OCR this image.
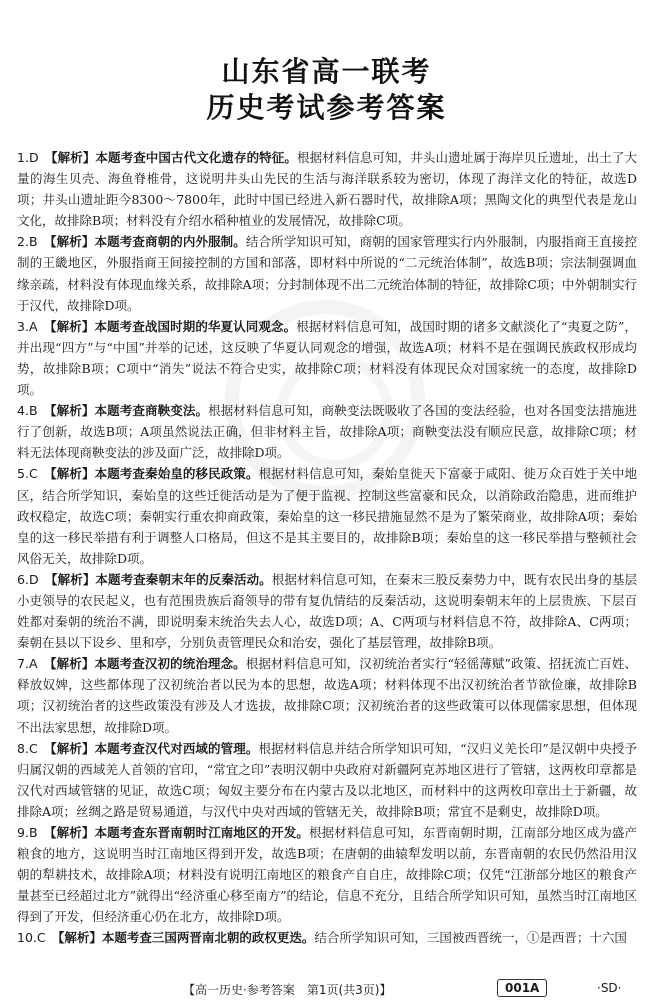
山东省高一联考
历史考试参考答案

1.D　 【解析】本题考查中国古代文化遗存的特征。根据材料信息可知，井头山遗址属于海岸贝丘遗址，出土了大量的海生贝壳、海鱼脊椎骨，这说明井头山先民的生活与海洋联系较为密切，体现了海洋文化的特征，故选D项；井头山遗址距今8300～7800年，此时中国已经进入新石器时代，故排除A项；黑陶文化的典型代表是龙山文化，故排除B项；材料没有介绍水稻种植业的发展情况，故排除C项。

2.B　 【解析】本题考查商朝的内外服制。结合所学知识可知，商朝的国家管理实行内外服制，内服指商王直接控制的王畿地区，外服指商王间接控制的方国和部落，即材料中所说的“二元统治体制”，故选B项；宗法制强调血缘亲疏，材料没有体现血缘关系，故排除A项；分封制体现不出二元统治体制的特征，故排除C项；中外朝制实行于汉代，故排除D项。

3.A　 【解析】本题考查战国时期的华夏认同观念。根据材料信息可知，战国时期的诸多文献淡化了“夷夏之防”，并出现“四方”与“中国”并举的记述，这反映了华夏认同观念的增强，故选A项；材料不是在强调民族政权形成均势，故排除B项；C项中“消失”说法不符合史实，故排除C项；材料没有体现民众对国家统一的态度，故排除D项。

4.B　 【解析】本题考查商鞅变法。根据材料信息可知，商鞅变法既吸收了各国的变法经验，也对各国变法措施进行了创新，故选B项；A项虽然说法正确，但非材料主旨，故排除A项；商鞅变法没有顺应民意，故排除C项；材料无法体现商鞅变法的涉及面广泛，故排除D项。

5.C　 【解析】本题考查秦始皇的移民政策。根据材料信息可知，秦始皇徙天下富豪于咸阳、徙万众百姓于关中地区，结合所学知识，秦始皇的这些迁徙活动是为了便于监视、控制这些富豪和民众，以消除政治隐患，进而维护政权稳定，故选C项；秦朝实行重农抑商政策，秦始皇的这一移民措施显然不是为了繁荣商业，故排除A项；秦始皇的这一移民举措有利于调整人口格局，但这不是其主要目的，故排除B项；秦始皇的这一移民举措与整顿社会风俗无关，故排除D项。

6.D　 【解析】本题考查秦朝末年的反秦活动。根据材料信息可知，在秦末三股反秦势力中，既有农民出身的基层小吏领导的农民起义，也有范围贵族后裔领导的带有复仇情结的反秦活动，这说明秦朝末年的上层贵族、下层百姓都对秦朝的统治不满，即说明秦末统治失去人心，故选D项；A、C两项与材料信息不符，故排除A、C两项；秦朝在县以下设乡、里和亭，分别负责管理民众和治安，强化了基层管理，故排除B项。

7.A　 【解析】本题考查汉初的统治理念。根据材料信息可知，汉初统治者实行“轻徭薄赋”政策、招抚流亡百姓、释放奴婢，这些都体现了汉初统治者以民为本的思想，故选A项；材料体现不出汉初统治者节欲俭廉，故排除B项；汉初统治者的这些政策没有涉及人才选拔，故排除C项；汉初统治者的这些政策可以体现儒家思想，但体现不出法家思想，故排除D项。

8.C　 【解析】本题考查汉代对西域的管理。根据材料信息并结合所学知识可知，“汉归义羌长印”是汉朝中央授予归属汉朝的西域羌人首领的官印，“常宜之印”表明汉朝中央政府对新疆阿克苏地区进行了管辖，这两枚印章都是汉代对西域管辖的见证，故选C项；匈奴主要分布在内蒙古及以北地区，而材料中的这两枚印章出土于新疆，故排除A项；丝绸之路是贸易通道，与汉代中央对西域的管辖无关，故排除B项；常宜不是剩史，故排除D项。

9.B　 【解析】本题考查东晋南朝时江南地区的开发。根据材料信息可知，东晋南朝时期，江南部分地区成为盛产粮食的地方，这说明当时江南地区得到开发，故选B项；在唐朝的曲辕犁发明以前，东晋南朝的农民仍然沿用汉朝的犁耕技术，故排除A项；材料没有说明江南地区的粮食产自自庄，故排除C项；仅凭“江浙部分地区的粮食产量甚至已经超过北方”就得出“经济重心移至南方”的结论，信息不充分，且结合所学知识可知，虽然当时江南地区得到了开发，但经济重心仍在北方，故排除D项。

10.C　 【解析】本题考查三国两晋南北朝的政权更迭。结合所学知识可知，三国被西晋统一，①是西晋；十六国

【高一历史·参考答案　第1页(共3页)】	001A	·SD·
